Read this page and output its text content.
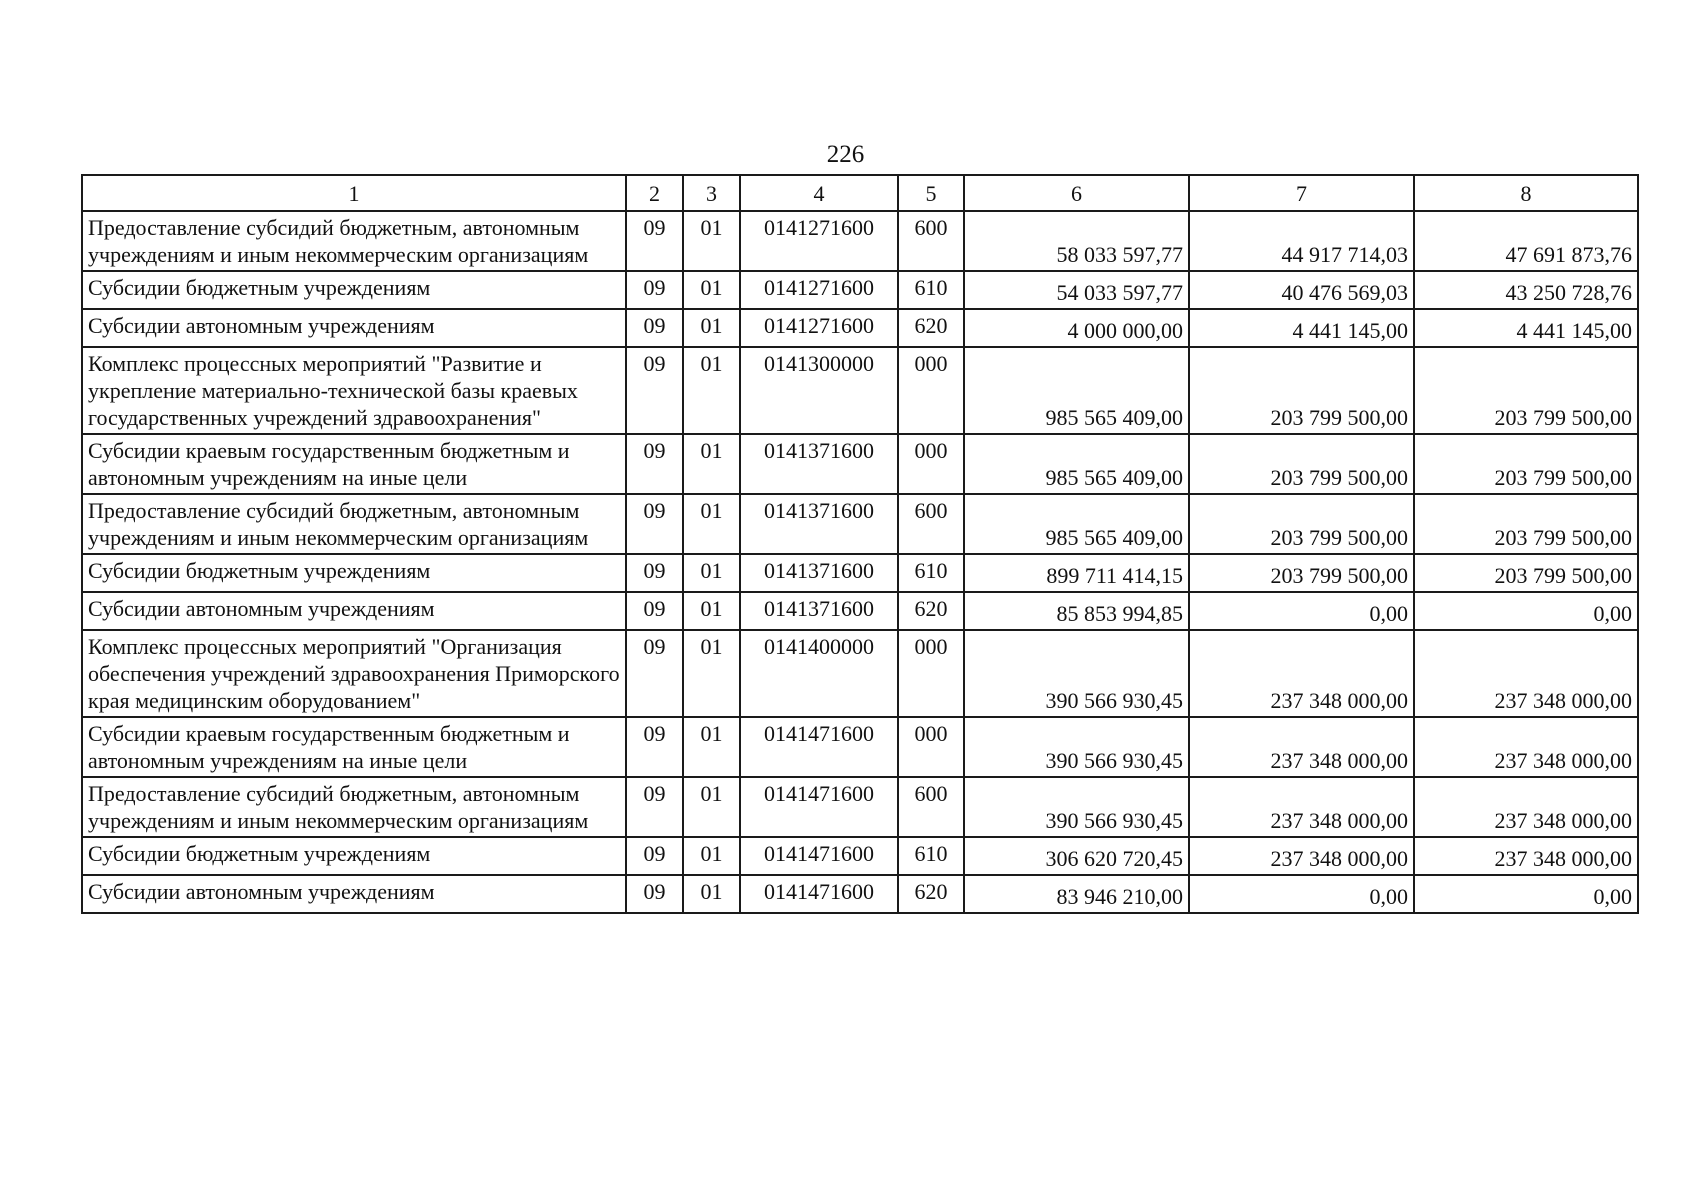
226
1	2	3	4	5	6	7	8
Предоставление субсидий бюджетным, автономным учреждениям и иным некоммерческим организациям	09	01	0141271600	600	58 033 597,77	44 917 714,03	47 691 873,76
Субсидии бюджетным учреждениям	09	01	0141271600	610	54 033 597,77	40 476 569,03	43 250 728,76
Субсидии автономным учреждениям	09	01	0141271600	620	4 000 000,00	4 441 145,00	4 441 145,00
Комплекс процессных мероприятий "Развитие и укрепление материально-технической базы краевых государственных учреждений здравоохранения"	09	01	0141300000	000	985 565 409,00	203 799 500,00	203 799 500,00
Субсидии краевым государственным бюджетным и автономным учреждениям на иные цели	09	01	0141371600	000	985 565 409,00	203 799 500,00	203 799 500,00
Предоставление субсидий бюджетным, автономным учреждениям и иным некоммерческим организациям	09	01	0141371600	600	985 565 409,00	203 799 500,00	203 799 500,00
Субсидии бюджетным учреждениям	09	01	0141371600	610	899 711 414,15	203 799 500,00	203 799 500,00
Субсидии автономным учреждениям	09	01	0141371600	620	85 853 994,85	0,00	0,00
Комплекс процессных мероприятий "Организация обеспечения учреждений здравоохранения Приморского края медицинским оборудованием"	09	01	0141400000	000	390 566 930,45	237 348 000,00	237 348 000,00
Субсидии краевым государственным бюджетным и автономным учреждениям на иные цели	09	01	0141471600	000	390 566 930,45	237 348 000,00	237 348 000,00
Предоставление субсидий бюджетным, автономным учреждениям и иным некоммерческим организациям	09	01	0141471600	600	390 566 930,45	237 348 000,00	237 348 000,00
Субсидии бюджетным учреждениям	09	01	0141471600	610	306 620 720,45	237 348 000,00	237 348 000,00
Субсидии автономным учреждениям	09	01	0141471600	620	83 946 210,00	0,00	0,00
